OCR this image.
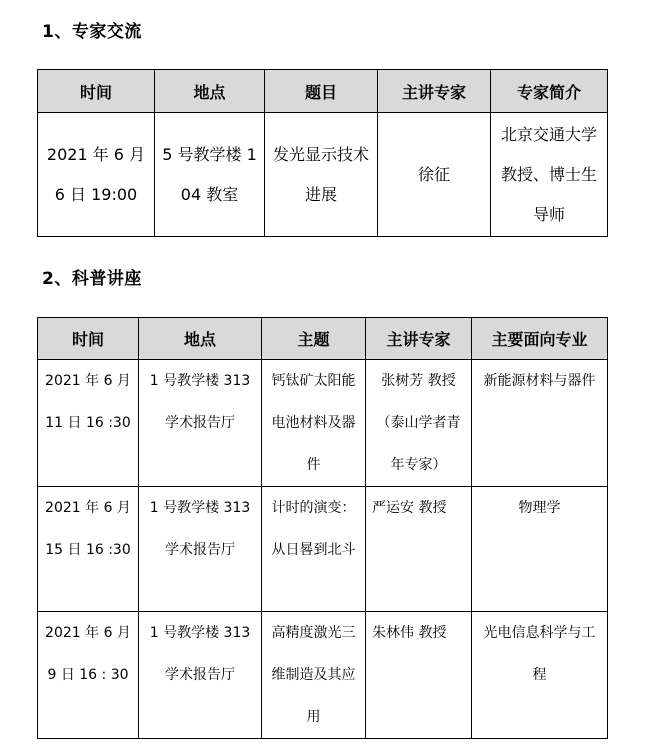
1、专家交流
时间	地点	题目	主讲专家	专家简介

2021 年 6 月 6 日 19:00	5 号教学楼 104 教室	发光显示技术进展	徐征	北京交通大学教授、博士生导师
2、科普讲座
时间	地点	主题	主讲专家	主要面向专业

2021 年 6 月 11 日 16 :30	1 号教学楼 313 学术报告厅	钙钛矿太阳能电池材料及器件	张树芳 教授（泰山学者青年专家）	新能源材料与器件

2021 年 6 月 15 日 16 :30	1 号教学楼 313 学术报告厅	计时的演变：从日晷到北斗	严运安 教授	物理学

2021 年 6 月 9 日 16 : 30	1 号教学楼 313 学术报告厅	高精度激光三维制造及其应用	朱林伟 教授	光电信息科学与工程
